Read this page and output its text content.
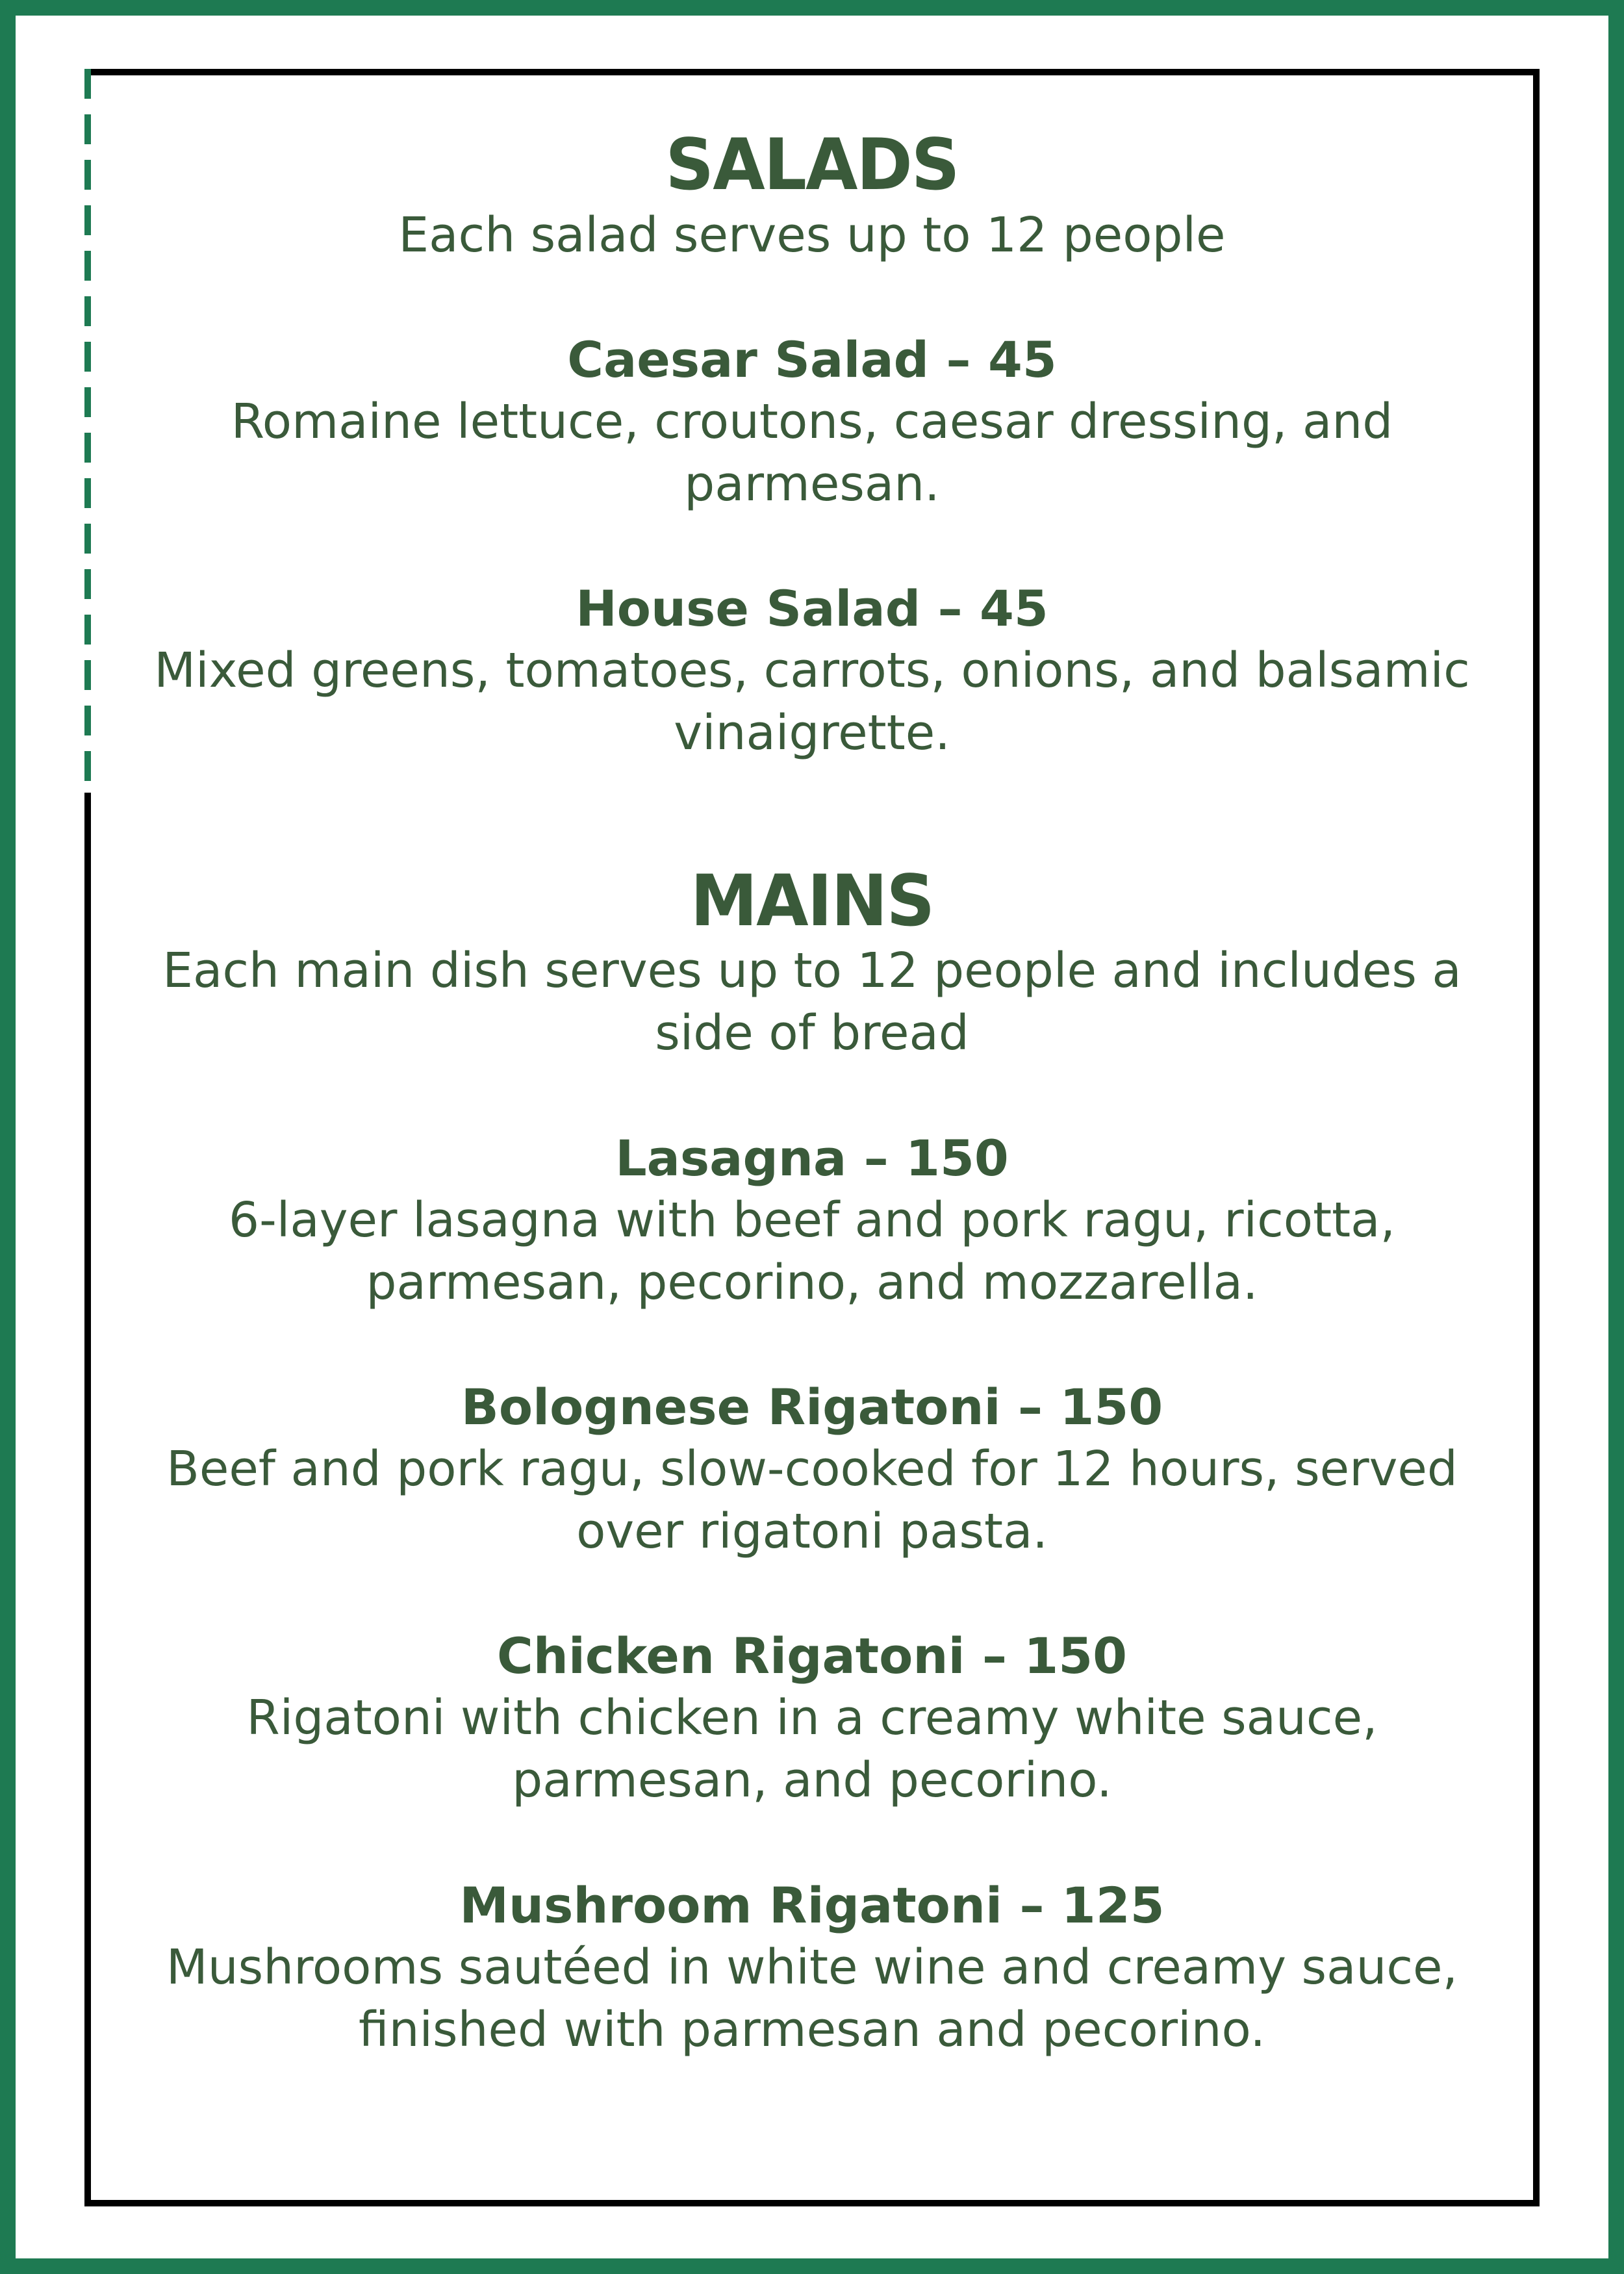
SALADS

Each salad serves up to 12 people

Caesar Salad – 45

Romaine lettuce, croutons, caesar dressing, and parmesan.

House Salad – 45

Mixed greens, tomatoes, carrots, onions, and balsamic vinaigrette.

MAINS

Each main dish serves up to 12 people and includes a side of bread

Lasagna – 150

6-layer lasagna with beef and pork ragu, ricotta, parmesan, pecorino, and mozzarella.

Bolognese Rigatoni – 150

Beef and pork ragu, slow-cooked for 12 hours, served over rigatoni pasta.

Chicken Rigatoni – 150

Rigatoni with chicken in a creamy white sauce, parmesan, and pecorino.

Mushroom Rigatoni – 125

Mushrooms sautéed in white wine and creamy sauce, finished with parmesan and pecorino.
